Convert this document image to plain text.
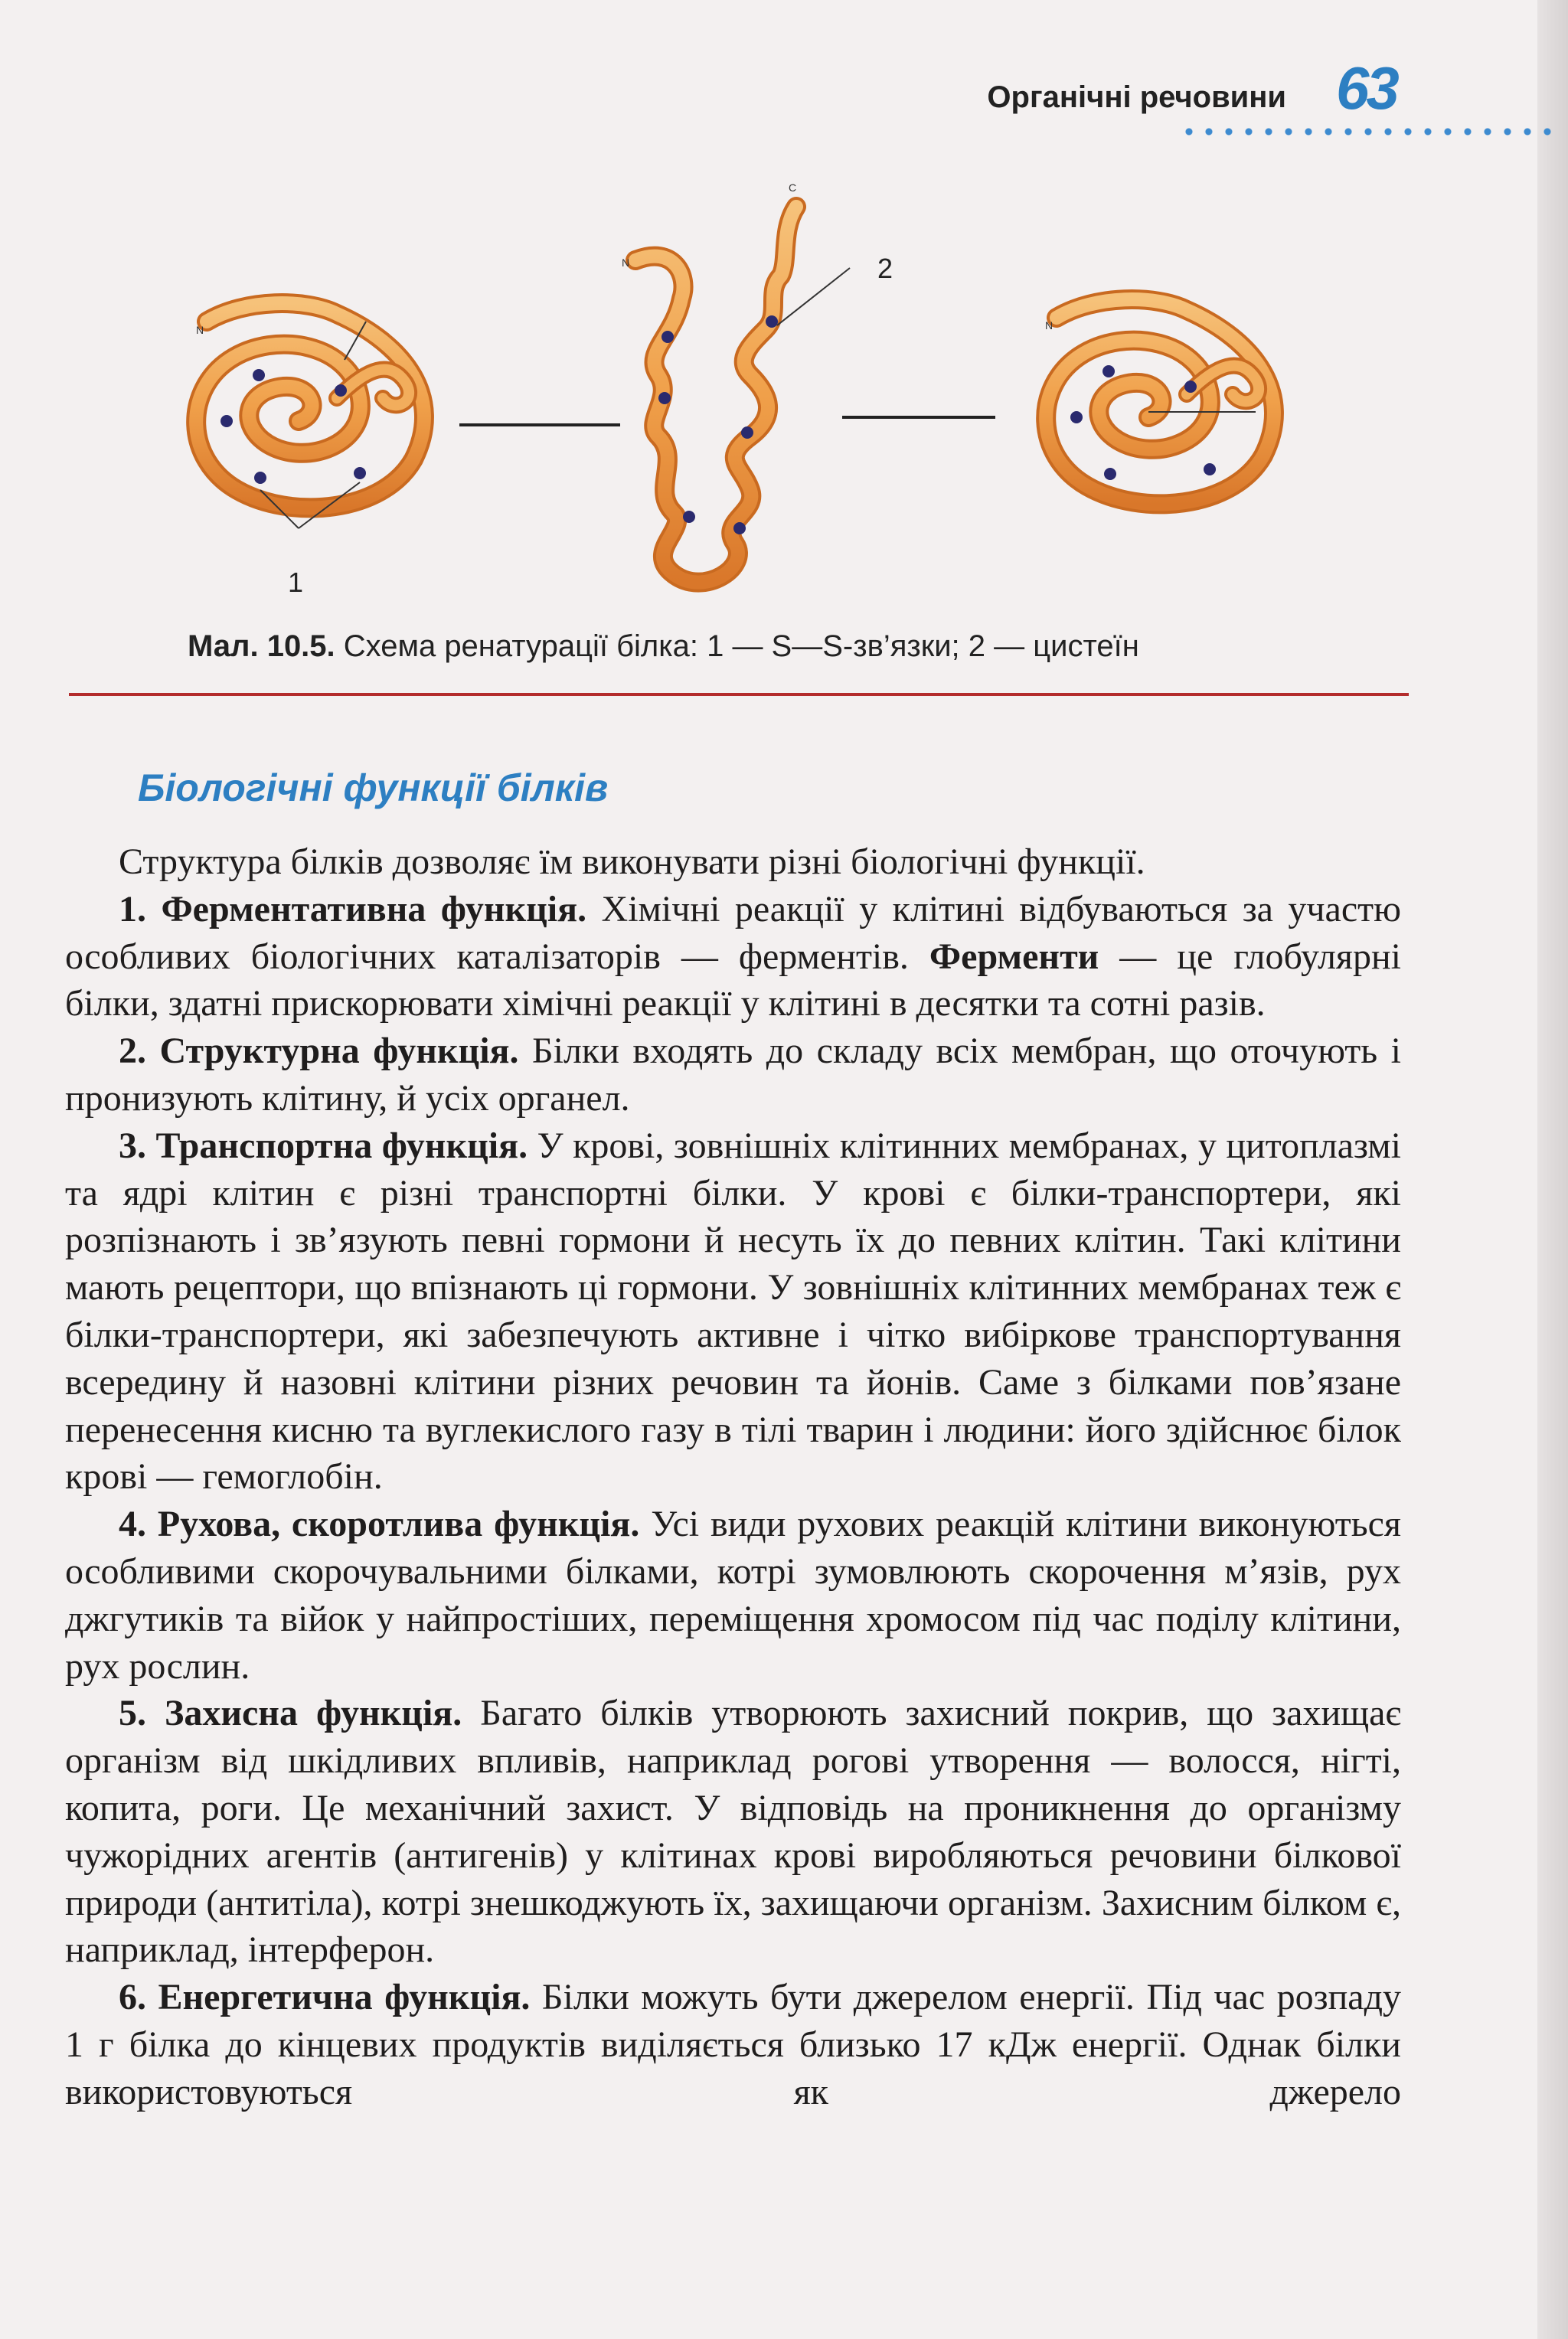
Органічні речовини 63
N
N
C
N
1
2
Мал. 10.5. Схема ренатурації білка: 1 — S—S-зв’язки; 2 — цистеїн
Біологічні функції білків

Структура білків дозволяє їм виконувати різні біологічні функції.

1. Ферментативна функція. Хімічні реакції у клітині відбуваються за участю особливих біологічних каталізаторів — ферментів. Ферменти — це глобулярні білки, здатні прискорювати хімічні реакції у клітині в десятки та сотні разів.

2. Структурна функція. Білки входять до складу всіх мембран, що оточують і пронизують клітину, й усіх органел.

3. Транспортна функція. У крові, зовнішніх клітинних мембранах, у цитоплазмі та ядрі клітин є різні транспортні білки. У крові є білки-транспортери, які розпізнають і зв’язують певні гормони й несуть їх до певних клітин. Такі клітини мають рецептори, що впізнають ці гормони. У зовнішніх клітинних мембранах теж є білки-транспортери, які забезпечують активне і чітко вибіркове транспортування всередину й назовні клітини різних речовин та йонів. Саме з білками пов’язане перенесення кисню та вуглекислого газу в тілі тварин і людини: його здійснює білок крові — гемоглобін.

4. Рухова, скоротлива функція. Усі види рухових реакцій клітини виконуються особливими скорочувальними білками, котрі зумовлюють скорочення м’язів, рух джгутиків та війок у найпростіших, переміщення хромосом під час поділу клітини, рух рослин.

5. Захисна функція. Багато білків утворюють захисний покрив, що захищає організм від шкідливих впливів, наприклад рогові утворення — волосся, нігті, копита, роги. Це механічний захист. У відповідь на проникнення до організму чужорідних агентів (антигенів) у клітинах крові виробляються речовини білкової природи (антитіла), котрі знешкоджують їх, захищаючи організм. Захисним білком є, наприклад, інтерферон.

6. Енергетична функція. Білки можуть бути джерелом енергії. Під час розпаду 1 г білка до кінцевих продуктів виділяється близько 17 кДж енергії. Однак білки використовуються як джерело
